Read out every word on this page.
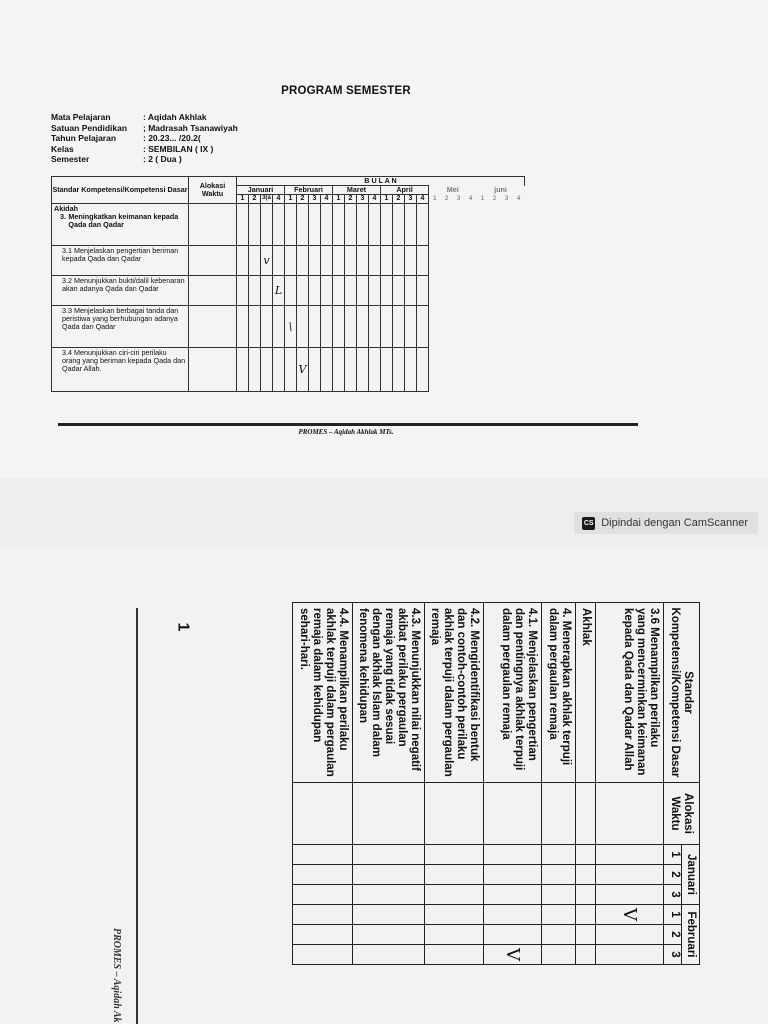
PROGRAM SEMESTER
Mata Pelajaran	: Aqidah Akhlak
Satuan Pendidikan	; Madrasah Tsanawiyah
Tahun Pelajaran	: 20.23... /20.2(
Kelas	: SEMBILAN ( IX )
Semester	: 2 ( Dua )
Standar Kompetensi/Kompetensi Dasar	Alokasi Waktu	B U L A N																							
		Januari				Februari				Maret				April				Mei				juni			
		1	2	3(a	4	1	2	3	4	1	2	3	4	1	2	3	4	1	2	3	4	1	2	3	4

Akidah
3. Meningkatkan keimanan kepada Qada dan Qadar																									

3.1 Menjelaskan pengertian beriman kepada Qada dan Qadar				v																					
3.2 Menunjukkan bukti/dalil kebenaran akan adanya Qada dan Qadar					L																				
3.3 Menjelaskan berbagai tanda dan peristiwa yang berhubungan adanya Qada dan Qadar						\																			
3.4 Menunjukkan ciri-ciri perilaku orang yang beriman kepada Qada dan Qadar Allah.							V																		
PROMES – Aqidah Akhlak MTs.
CS Dipindai dengan CamScanner
1
PROMES – Aqidah Ak
Standar Kompetensi/Kompetensi Dasar	Alokasi Waktu	Januari			Februari		
		1	2	3	1	2	3
3.6 Menampilkan perilaku yang mencerminkan keimanan kepada Qada dan Qadar Allah					V		
Akhlak							
4. Menerapkan akhlak terpuji dalam pergaulan remaja							
4.1. Menjelaskan pengertian dan pentingnya akhlak terpuji dalam pergaulan remaja							V
4.2. Mengidentifikasi bentuk dan contoh-contoh perilaku akhlak terpuji dalam pergaulan remaja							
4.3. Menunjukkan nilai negatif akibat perilaku pergaulan remaja yang tidak sesuai dengan akhlak Islam dalam fenomena kehidupan							
4.4. Menampilkan perilaku akhlak terpuji dalam pergaulan remaja dalam kehidupan sehari-hari.							
